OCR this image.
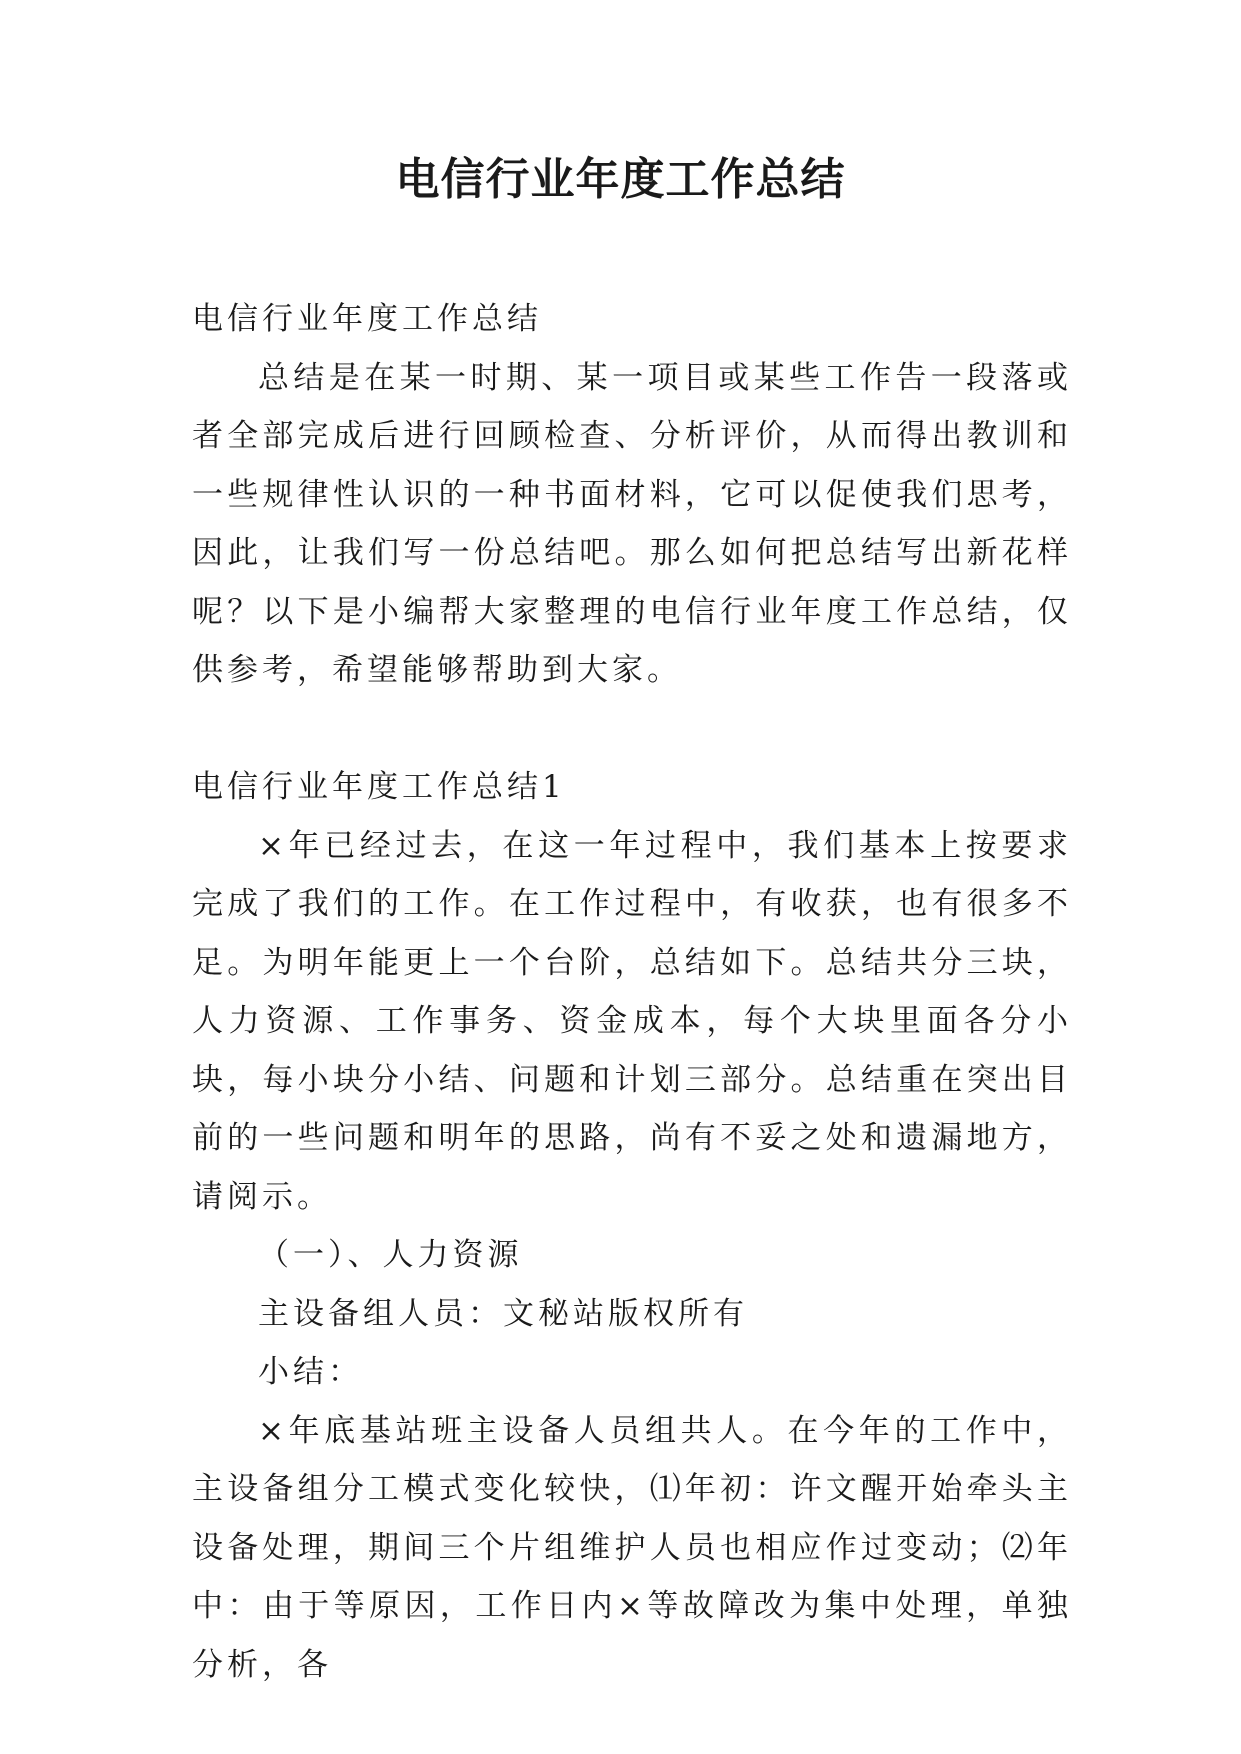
电信行业年度工作总结

电信行业年度工作总结

总结是在某一时期、某一项目或某些工作告一段落或者全部完成后进行回顾检查、分析评价，从而得出教训和一些规律性认识的一种书面材料，它可以促使我们思考，因此，让我们写一份总结吧。那么如何把总结写出新花样呢？以下是小编帮大家整理的电信行业年度工作总结，仅供参考，希望能够帮助到大家。

电信行业年度工作总结1

×年已经过去，在这一年过程中，我们基本上按要求完成了我们的工作。在工作过程中，有收获，也有很多不足。为明年能更上一个台阶，总结如下。总结共分三块，人力资源、工作事务、资金成本，每个大块里面各分小块，每小块分小结、问题和计划三部分。总结重在突出目前的一些问题和明年的思路，尚有不妥之处和遗漏地方，请阅示。

（一）、人力资源

主设备组人员：文秘站版权所有

小结：

×年底基站班主设备人员组共人。在今年的工作中，主设备组分工模式变化较快，⑴年初：许文醒开始牵头主设备处理，期间三个片组维护人员也相应作过变动；⑵年中：由于等原因，工作日内×等故障改为集中处理，单独分析，各
